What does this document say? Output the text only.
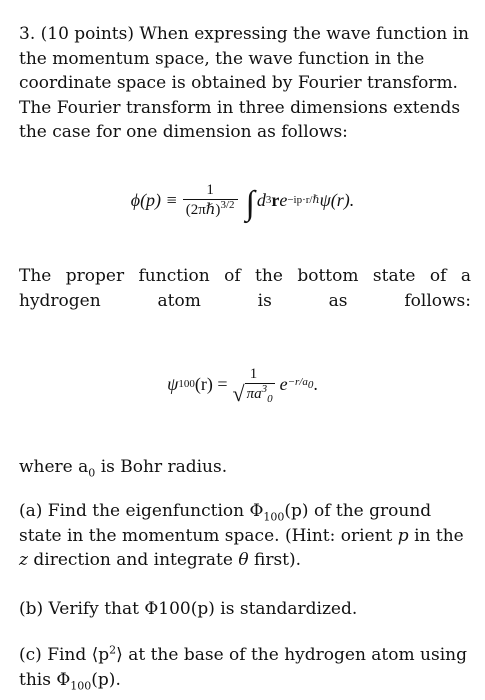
3. (10 points) When expressing the wave function in the momentum space, the wave function in the coordinate space is obtained by Fourier transform. The Fourier transform in three dimensions extends the case for one dimension as follows:

$\phi(p) \equiv \frac{1}{(2\pi\hbar)^{3/2}}$ ∫ d 3 r e −ip·r/ℏ ψ(r).

The proper function of the bottom state of a hydrogen atom is as follows:

ψ 100 (r) = 1
√ $\pi a^3_0$
$e -r/a_0$ .

where $a_0$ is Bohr radius.

(a) Find the eigenfunction $\Phi_{100}(p)$ of the ground state in the momentum space. (Hint: orient p in the z direction and integrate θ first).

(b) Verify that Φ100(p) is standardized.

(c) Find $⟨p^2⟩$ at the base of the hydrogen atom using this $\Phi_{100}(p)$.
